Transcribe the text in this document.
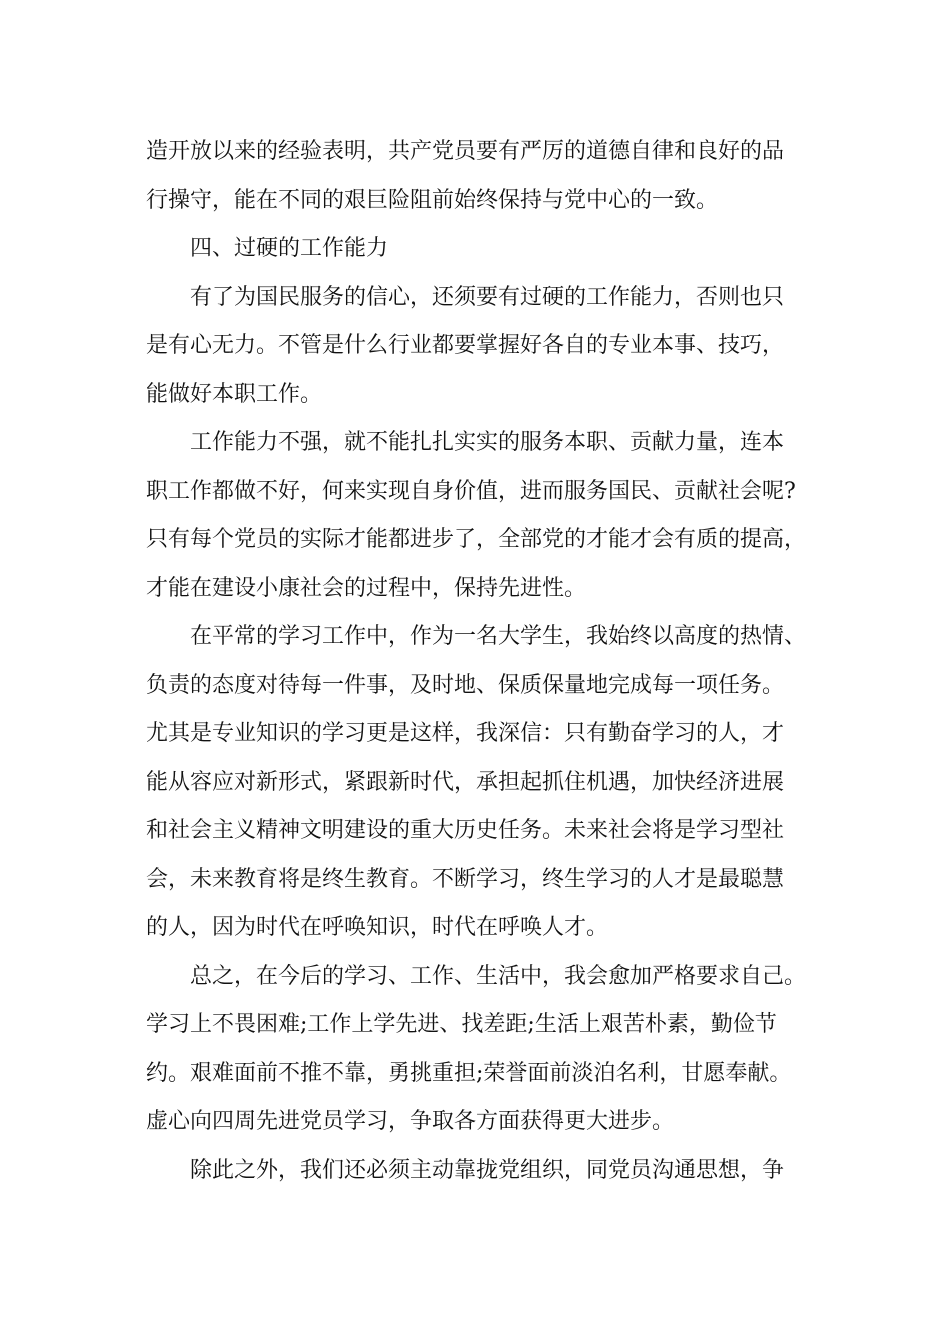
造开放以来的经验表明，共产党员要有严厉的道德自律和良好的品
行操守，能在不同的艰巨险阻前始终保持与党中心的一致。
四、过硬的工作能力
有了为国民服务的信心，还须要有过硬的工作能力，否则也只
是有心无力。不管是什么行业都要掌握好各自的专业本事、技巧，
能做好本职工作。
工作能力不强，就不能扎扎实实的服务本职、贡献力量，连本
职工作都做不好，何来实现自身价值，进而服务国民、贡献社会呢?
只有每个党员的实际才能都进步了，全部党的才能才会有质的提高，
才能在建设小康社会的过程中，保持先进性。
在平常的学习工作中，作为一名大学生，我始终以高度的热情、
负责的态度对待每一件事，及时地、保质保量地完成每一项任务。
尤其是专业知识的学习更是这样，我深信：只有勤奋学习的人，才
能从容应对新形式，紧跟新时代，承担起抓住机遇，加快经济进展
和社会主义精神文明建设的重大历史任务。未来社会将是学习型社
会，未来教育将是终生教育。不断学习，终生学习的人才是最聪慧
的人，因为时代在呼唤知识，时代在呼唤人才。
总之，在今后的学习、工作、生活中，我会愈加严格要求自己。
学习上不畏困难;工作上学先进、找差距;生活上艰苦朴素，勤俭节
约。艰难面前不推不靠，勇挑重担;荣誉面前淡泊名利，甘愿奉献。
虚心向四周先进党员学习，争取各方面获得更大进步。
除此之外，我们还必须主动靠拢党组织，同党员沟通思想，争
